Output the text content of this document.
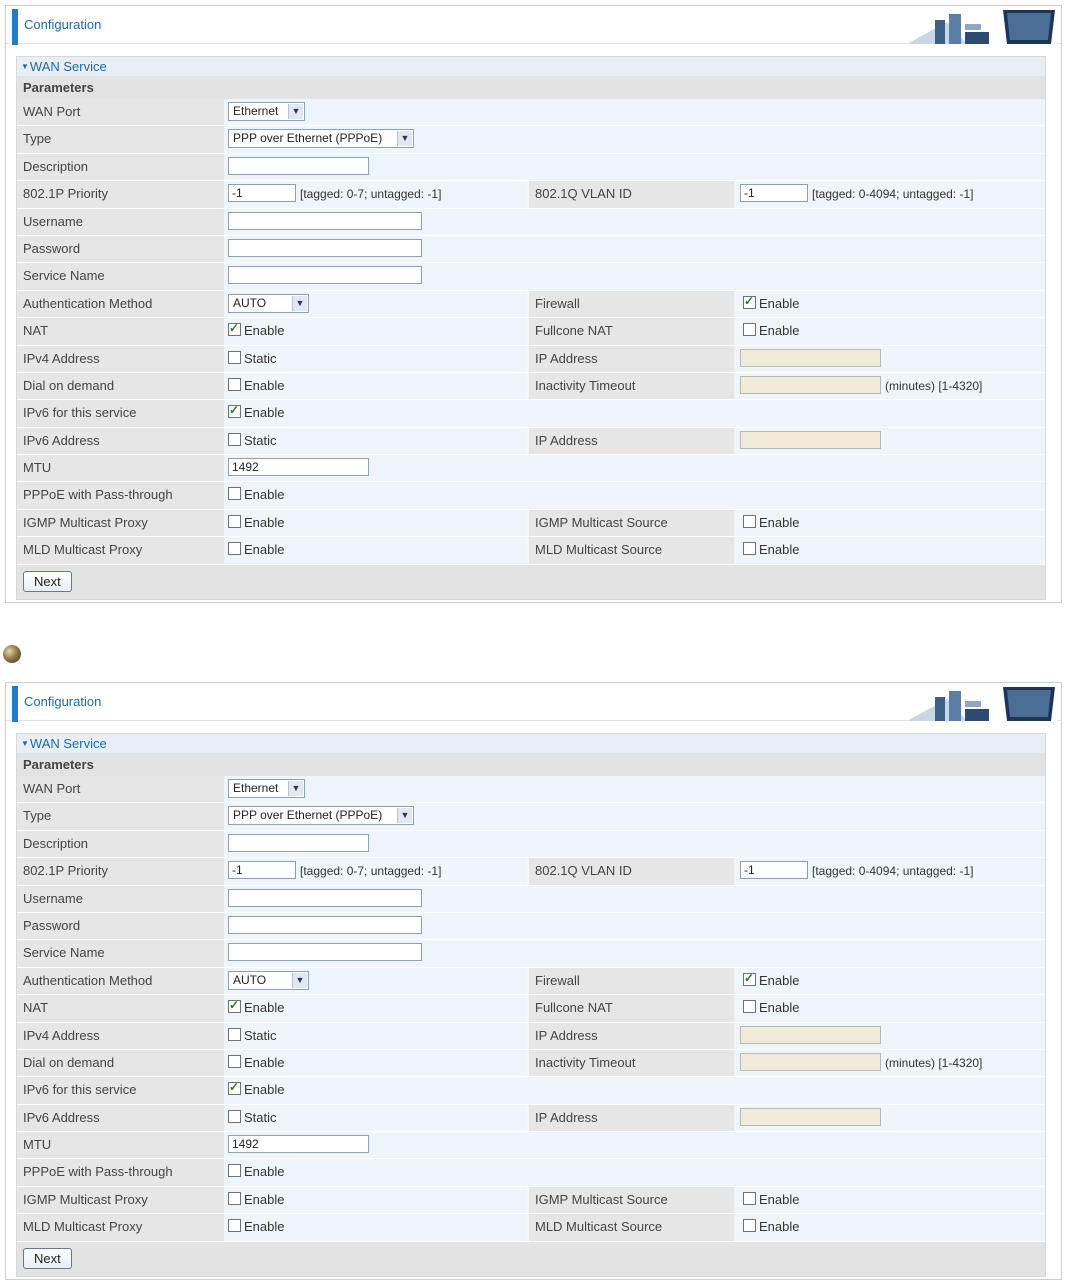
Configuration
▼WAN Service
Parameters
WAN Port	Ethernet	▼
Type	PPP over Ethernet (PPPoE)	▼
Description
802.1P Priority	-1	[tagged: 0-7; untagged: -1]	802.1Q VLAN ID	-1	[tagged: 0-4094; untagged: -1]
Username
Password
Service Name
Authentication Method	AUTO	▼	Firewall ✓	Enable
NAT ✓	Enable	Fullcone NAT	Enable
IPv4 Address	Static	IP Address
Dial on demand	Enable	Inactivity Timeout	(minutes) [1-4320]
IPv6 for this service ✓	Enable
IPv6 Address	Static	IP Address
MTU	1492
PPPoE with Pass-through	Enable
IGMP Multicast Proxy	Enable	IGMP Multicast Source	Enable
MLD Multicast Proxy	Enable	MLD Multicast Source	Enable
Next
Configuration
▼WAN Service
Parameters
WAN Port	Ethernet	▼
Type	PPP over Ethernet (PPPoE)	▼
Description
802.1P Priority	-1	[tagged: 0-7; untagged: -1]	802.1Q VLAN ID	-1	[tagged: 0-4094; untagged: -1]
Username
Password
Service Name
Authentication Method	AUTO	▼	Firewall ✓	Enable
NAT ✓	Enable	Fullcone NAT	Enable
IPv4 Address	Static	IP Address
Dial on demand	Enable	Inactivity Timeout	(minutes) [1-4320]
IPv6 for this service ✓	Enable
IPv6 Address	Static	IP Address
MTU	1492
PPPoE with Pass-through	Enable
IGMP Multicast Proxy	Enable	IGMP Multicast Source	Enable
MLD Multicast Proxy	Enable	MLD Multicast Source	Enable
Next
